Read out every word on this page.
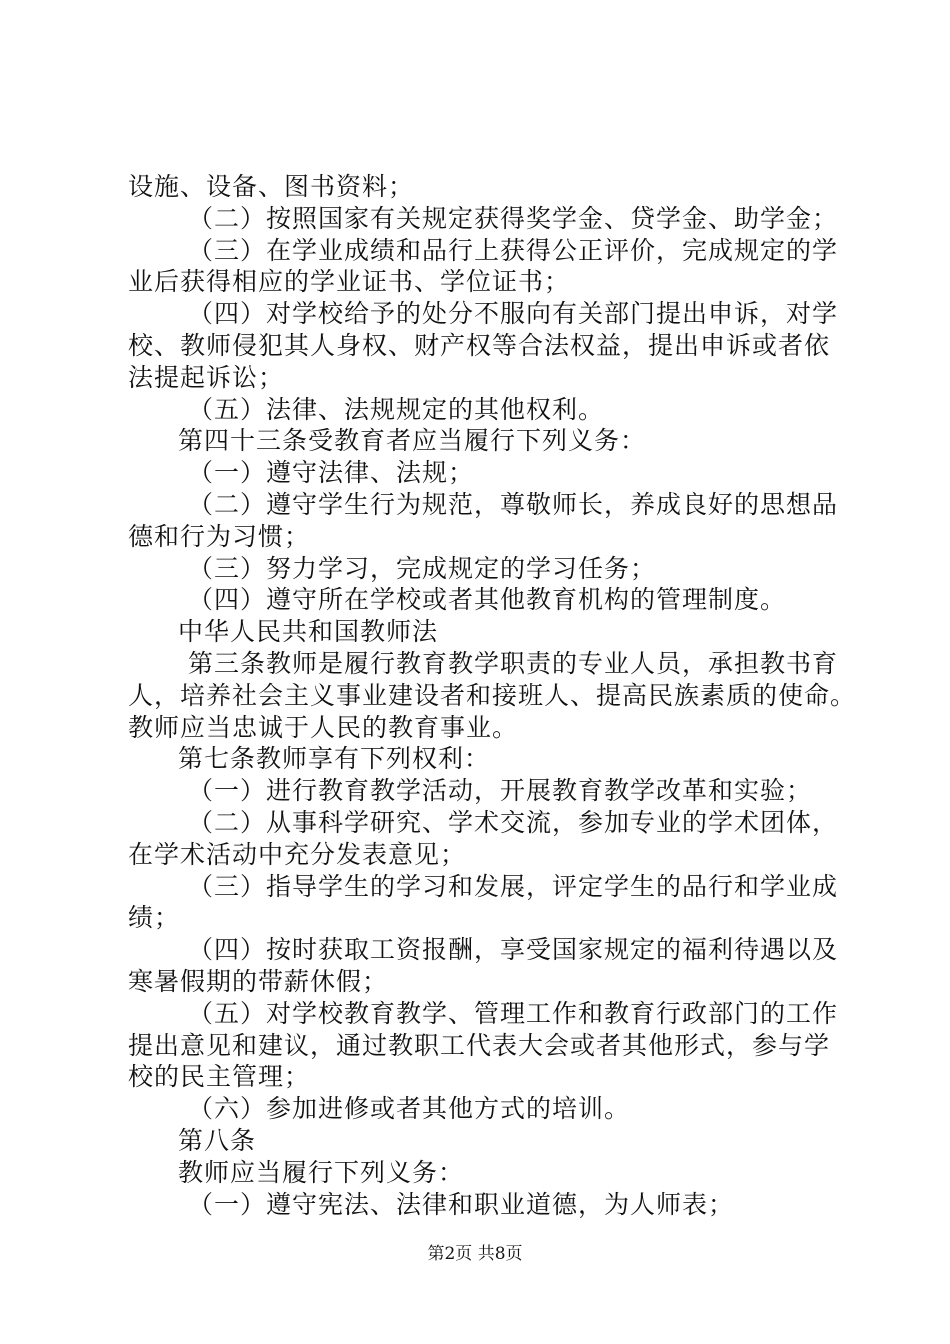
设施、设备、图书资料；
（二）按照国家有关规定获得奖学金、贷学金、助学金；
（三）在学业成绩和品行上获得公正评价，完成规定的学
业后获得相应的学业证书、学位证书；
（四）对学校给予的处分不服向有关部门提出申诉，对学
校、教师侵犯其人身权、财产权等合法权益，提出申诉或者依
法提起诉讼；
（五）法律、法规规定的其他权利。
第四十三条受教育者应当履行下列义务：
（一）遵守法律、法规；
（二）遵守学生行为规范，尊敬师长，养成良好的思想品
德和行为习惯；
（三）努力学习，完成规定的学习任务；
（四）遵守所在学校或者其他教育机构的管理制度。
中华人民共和国教师法
第三条教师是履行教育教学职责的专业人员，承担教书育
人，培养社会主义事业建设者和接班人、提高民族素质的使命。
教师应当忠诚于人民的教育事业。
第七条教师享有下列权利：
（一）进行教育教学活动，开展教育教学改革和实验；
（二）从事科学研究、学术交流，参加专业的学术团体，
在学术活动中充分发表意见；
（三）指导学生的学习和发展，评定学生的品行和学业成
绩；
（四）按时获取工资报酬，享受国家规定的福利待遇以及
寒暑假期的带薪休假；
（五）对学校教育教学、管理工作和教育行政部门的工作
提出意见和建议，通过教职工代表大会或者其他形式，参与学
校的民主管理；
（六）参加进修或者其他方式的培训。
第八条
教师应当履行下列义务：
（一）遵守宪法、法律和职业道德，为人师表；
第2页 共8页
